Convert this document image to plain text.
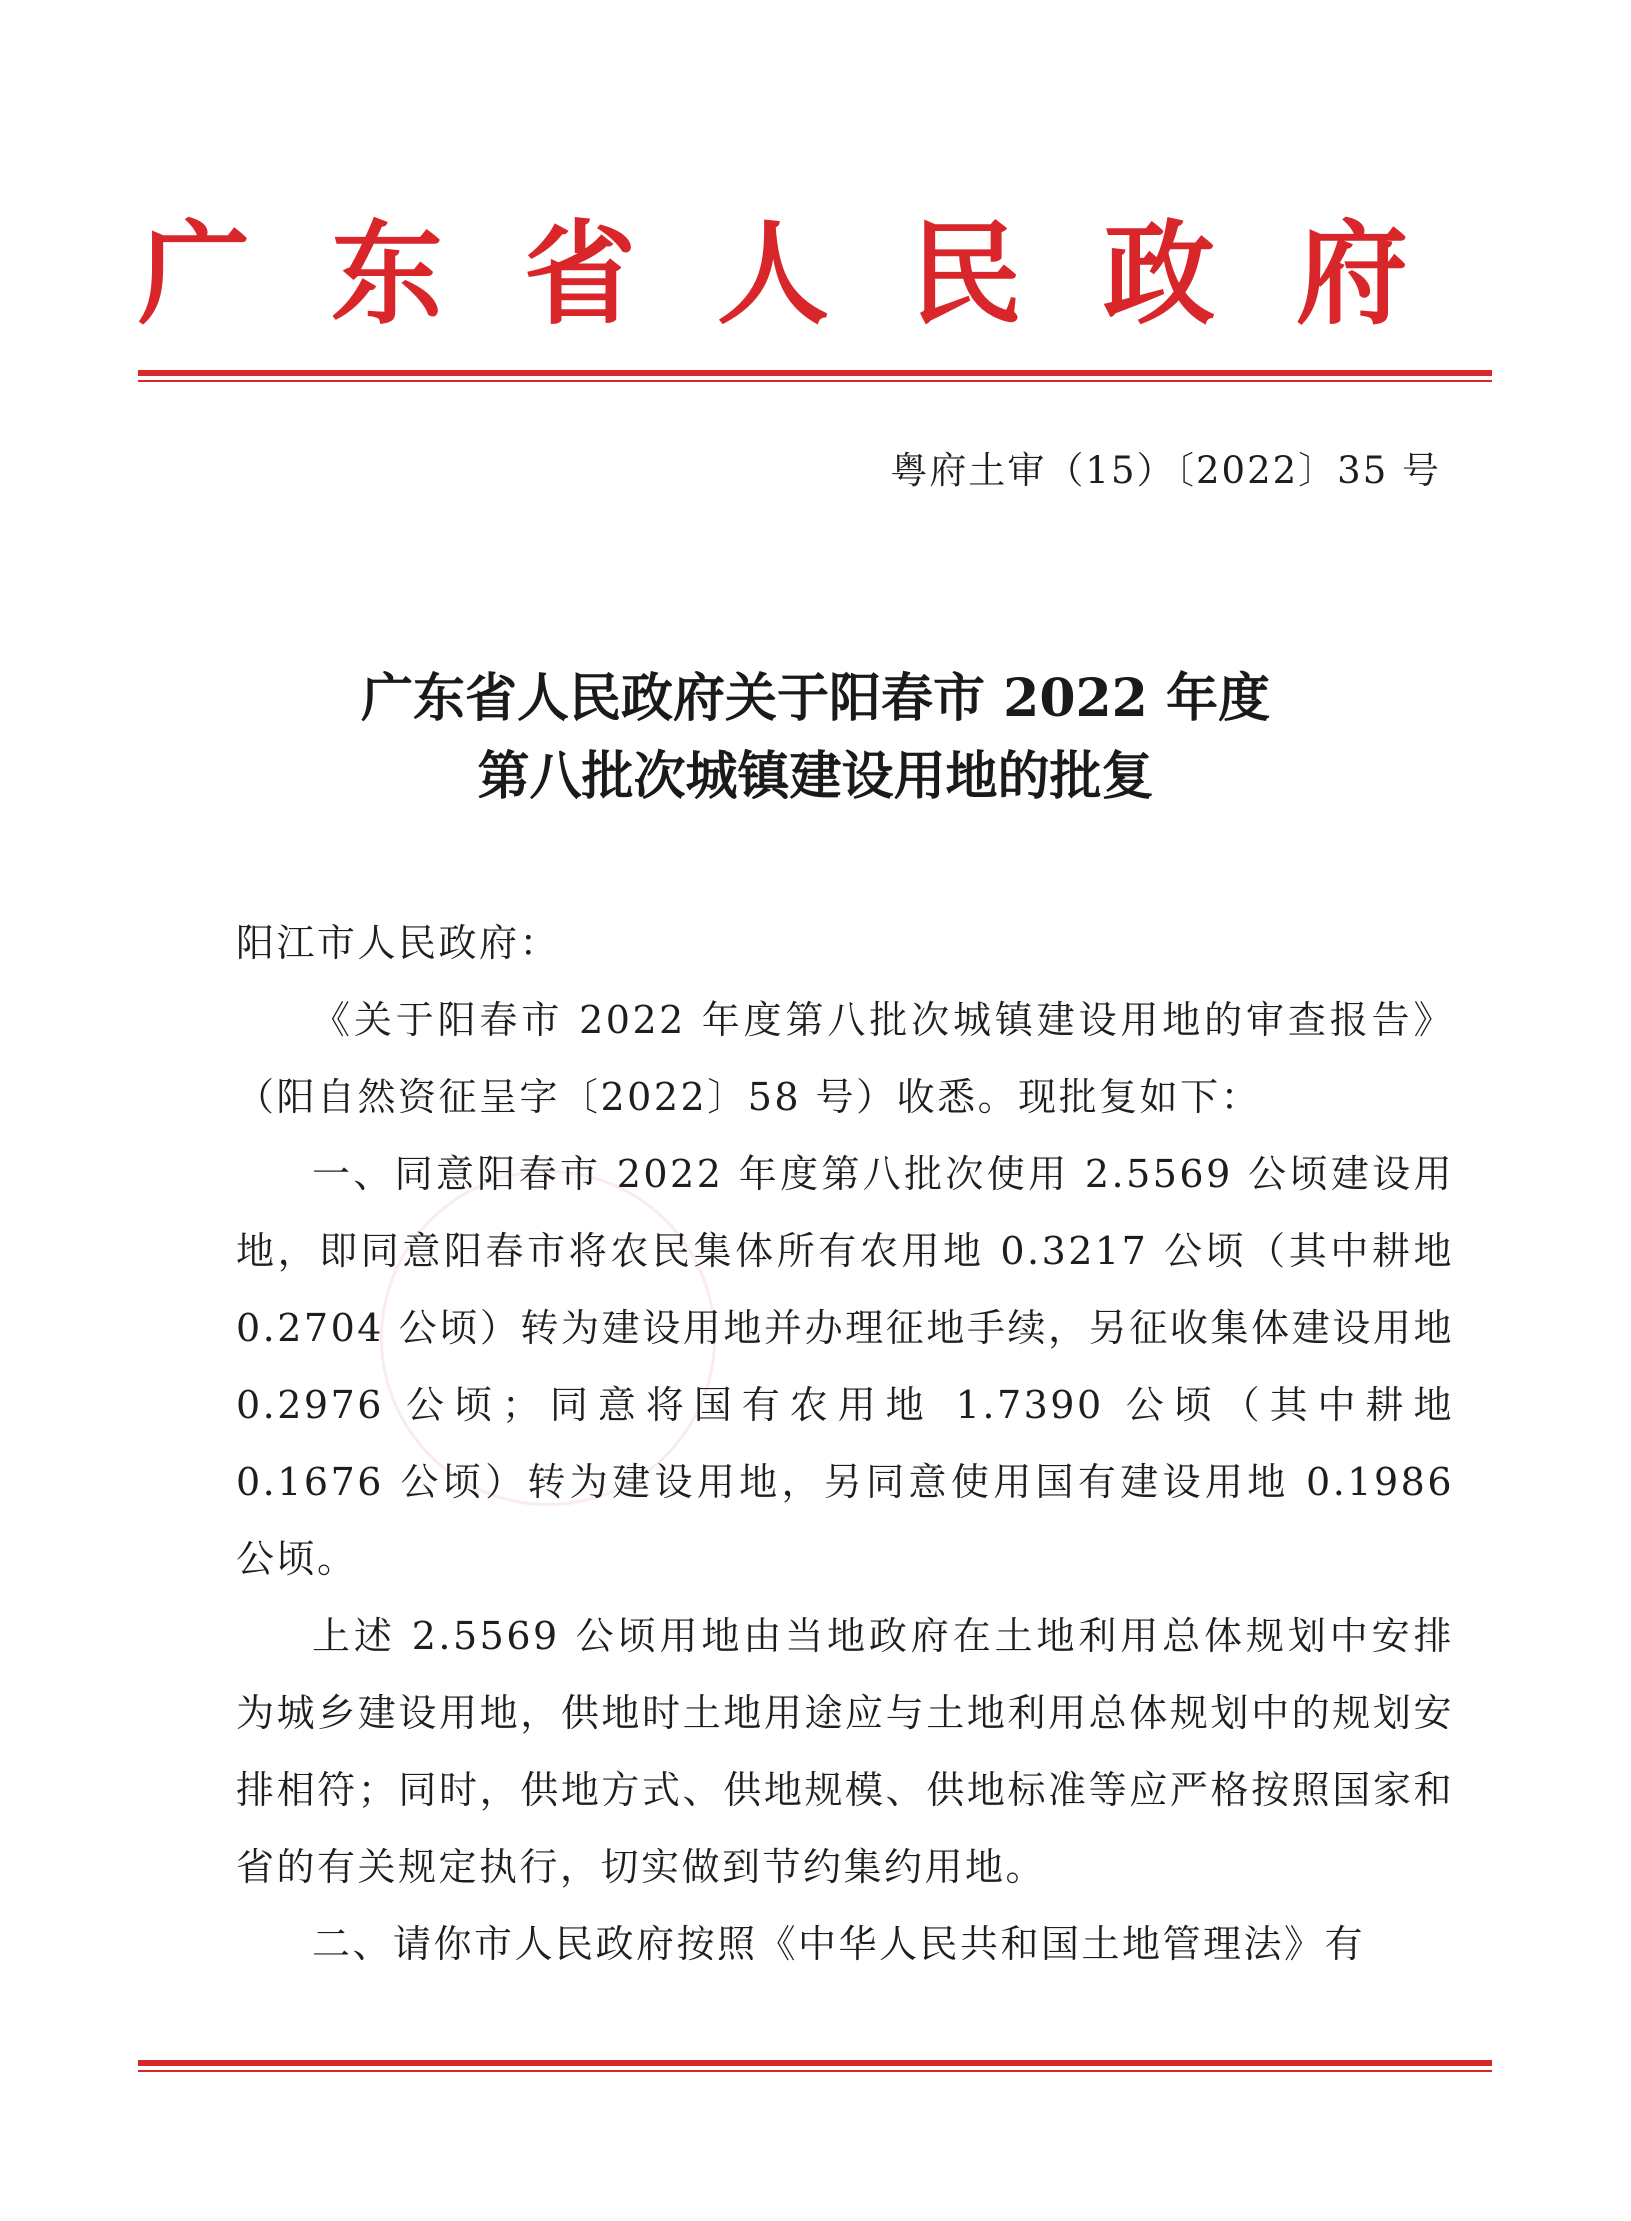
广 东 省 人 民 政 府
粤府土审（15）〔2022〕35 号
广东省人民政府关于阳春市 2022 年度
第八批次城镇建设用地的批复

阳江市人民政府：

《关于阳春市 2022 年度第八批次城镇建设用地的审查报告》（阳自然资征呈字〔2022〕58 号）收悉。现批复如下：

一、同意阳春市 2022 年度第八批次使用 2.5569 公顷建设用地，即同意阳春市将农民集体所有农用地 0.3217 公顷（其中耕地 0.2704 公顷）转为建设用地并办理征地手续，另征收集体建设用地 0.2976 公顷；同意将国有农用地 1.7390 公顷（其中耕地 0.1676 公顷）转为建设用地，另同意使用国有建设用地 0.1986 公顷。

上述 2.5569 公顷用地由当地政府在土地利用总体规划中安排为城乡建设用地，供地时土地用途应与土地利用总体规划中的规划安排相符；同时，供地方式、供地规模、供地标准等应严格按照国家和省的有关规定执行，切实做到节约集约用地。

二、请你市人民政府按照《中华人民共和国土地管理法》有
